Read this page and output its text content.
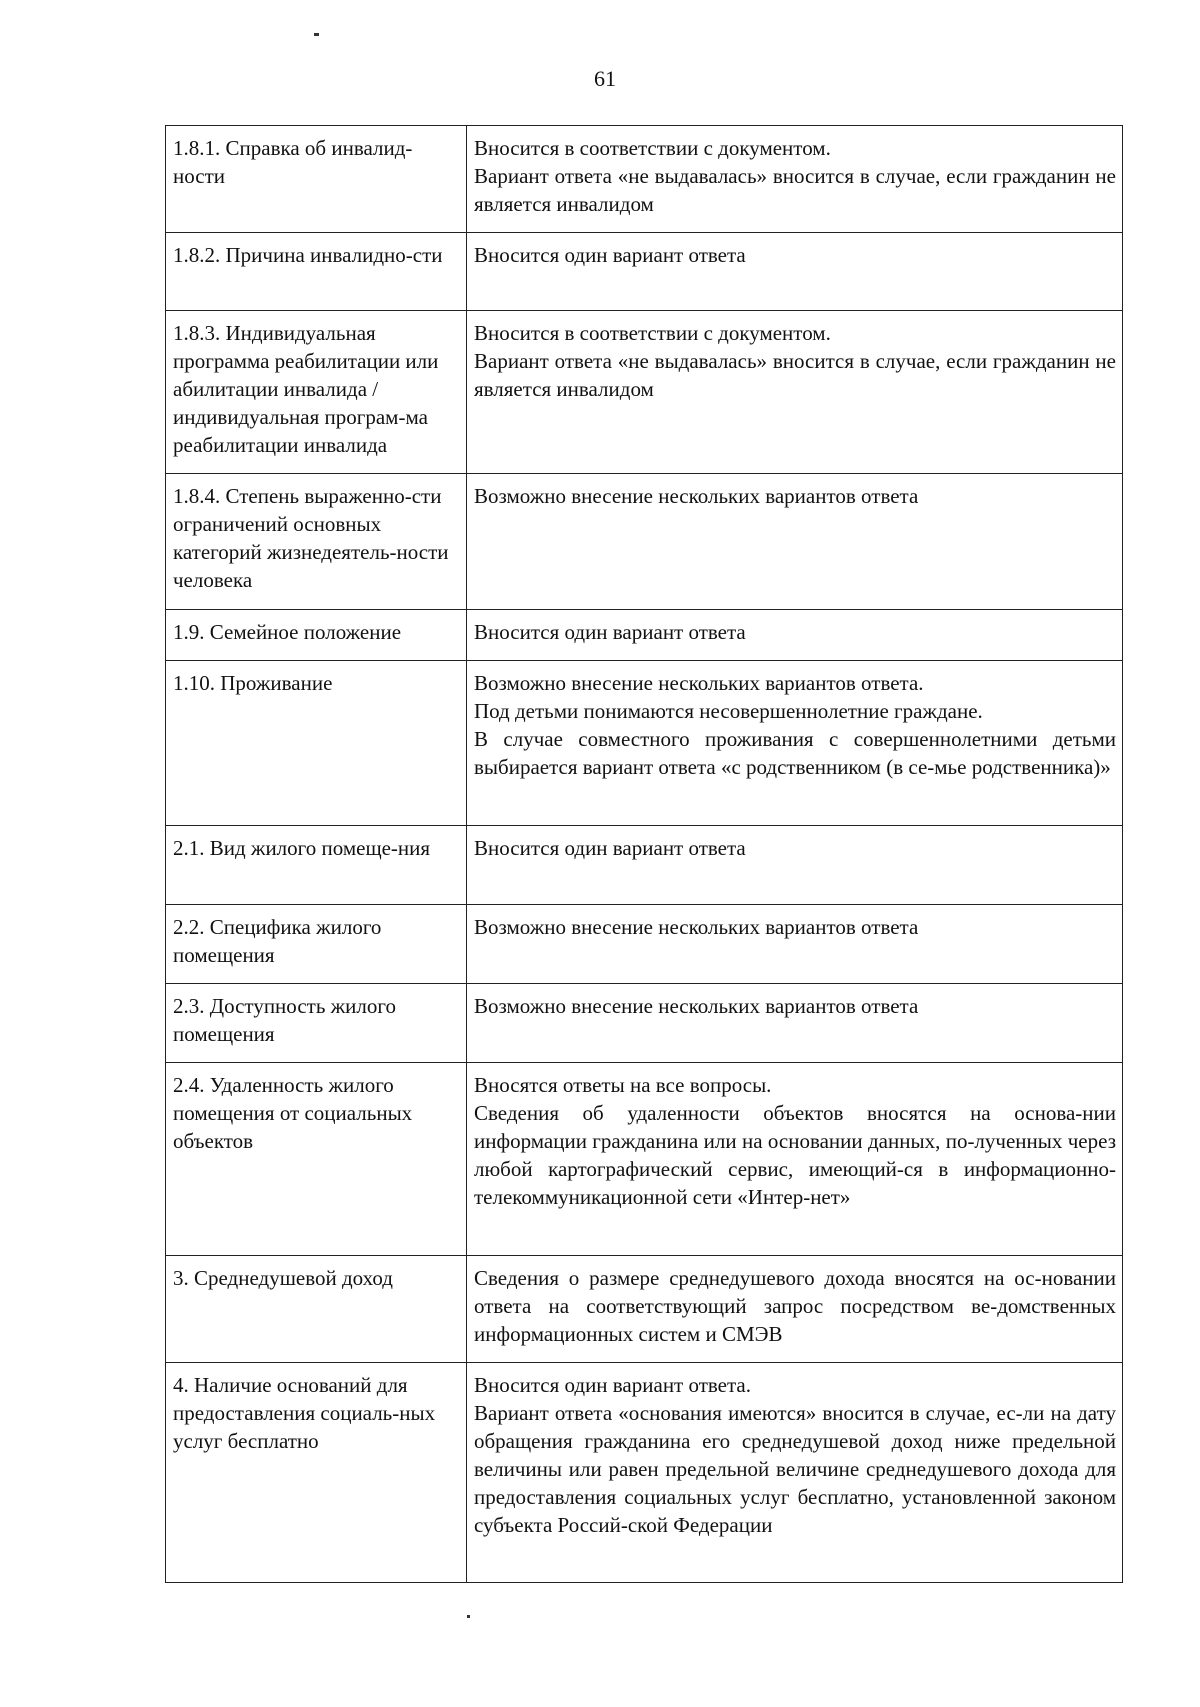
61
1.8.1. Справка об инвалид-ности	Вносится в соответствии с документом.
Вариант ответа «не выдавалась» вносится в случае, если гражданин не является инвалидом

1.8.2. Причина инвалидно-сти	Вносится один вариант ответа

1.8.3. Индивидуальная программа реабилитации или абилитации инвалида / индивидуальная програм-ма реабилитации инвалида	Вносится в соответствии с документом.
Вариант ответа «не выдавалась» вносится в случае, если гражданин не является инвалидом

1.8.4. Степень выраженно-сти ограничений основных категорий жизнедеятель-ности человека	Возможно внесение нескольких вариантов ответа

1.9. Семейное положение	Вносится один вариант ответа

1.10. Проживание	Возможно внесение нескольких вариантов ответа.
Под детьми понимаются несовершеннолетние граждане.
В случае совместного проживания с совершеннолетними детьми выбирается вариант ответа «с родственником (в се-мье родственника)»

2.1. Вид жилого помеще-ния	Вносится один вариант ответа

2.2. Специфика жилого помещения	Возможно внесение нескольких вариантов ответа

2.3. Доступность жилого помещения	Возможно внесение нескольких вариантов ответа

2.4. Удаленность жилого помещения от социальных объектов	Вносятся ответы на все вопросы.
Сведения об удаленности объектов вносятся на основа-нии информации гражданина или на основании данных, по-лученных через любой картографический сервис, имеющий-ся в информационно-телекоммуникационной сети «Интер-нет»

3. Среднедушевой доход	Сведения о размере среднедушевого дохода вносятся на ос-новании ответа на соответствующий запрос посредством ве-домственных информационных систем и СМЭВ

4. Наличие оснований для предоставления социаль-ных услуг бесплатно	Вносится один вариант ответа.
Вариант ответа «основания имеются» вносится в случае, ес-ли на дату обращения гражданина его среднедушевой доход ниже предельной величины или равен предельной величине среднедушевого дохода для предоставления социальных услуг бесплатно, установленной законом субъекта Россий-ской Федерации
